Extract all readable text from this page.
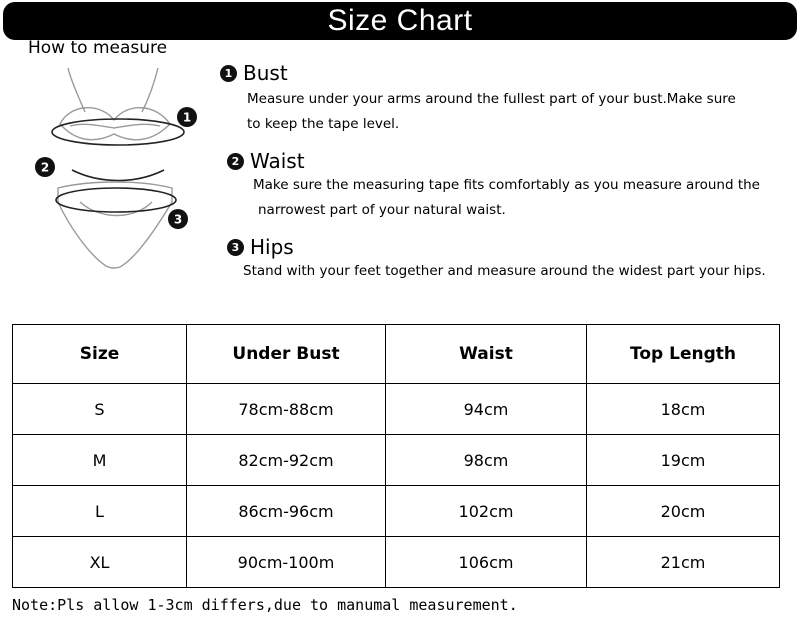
Size Chart
How to measure
1
2
3
1 Bust
Measure under your arms around the fullest part of your bust.Make sure
to keep the tape level.
2 Waist
Make sure the measuring tape fits comfortably as you measure around the
narrowest part of your natural waist.
3 Hips
Stand with your feet together and measure around the widest part your hips.
Size	Under Bust	Waist	Top Length
S	78cm-88cm	94cm	18cm
M	82cm-92cm	98cm	19cm
L	86cm-96cm	102cm	20cm
XL	90cm-100m	106cm	21cm
Note:Pls allow 1-3cm differs,due to manumal measurement.
